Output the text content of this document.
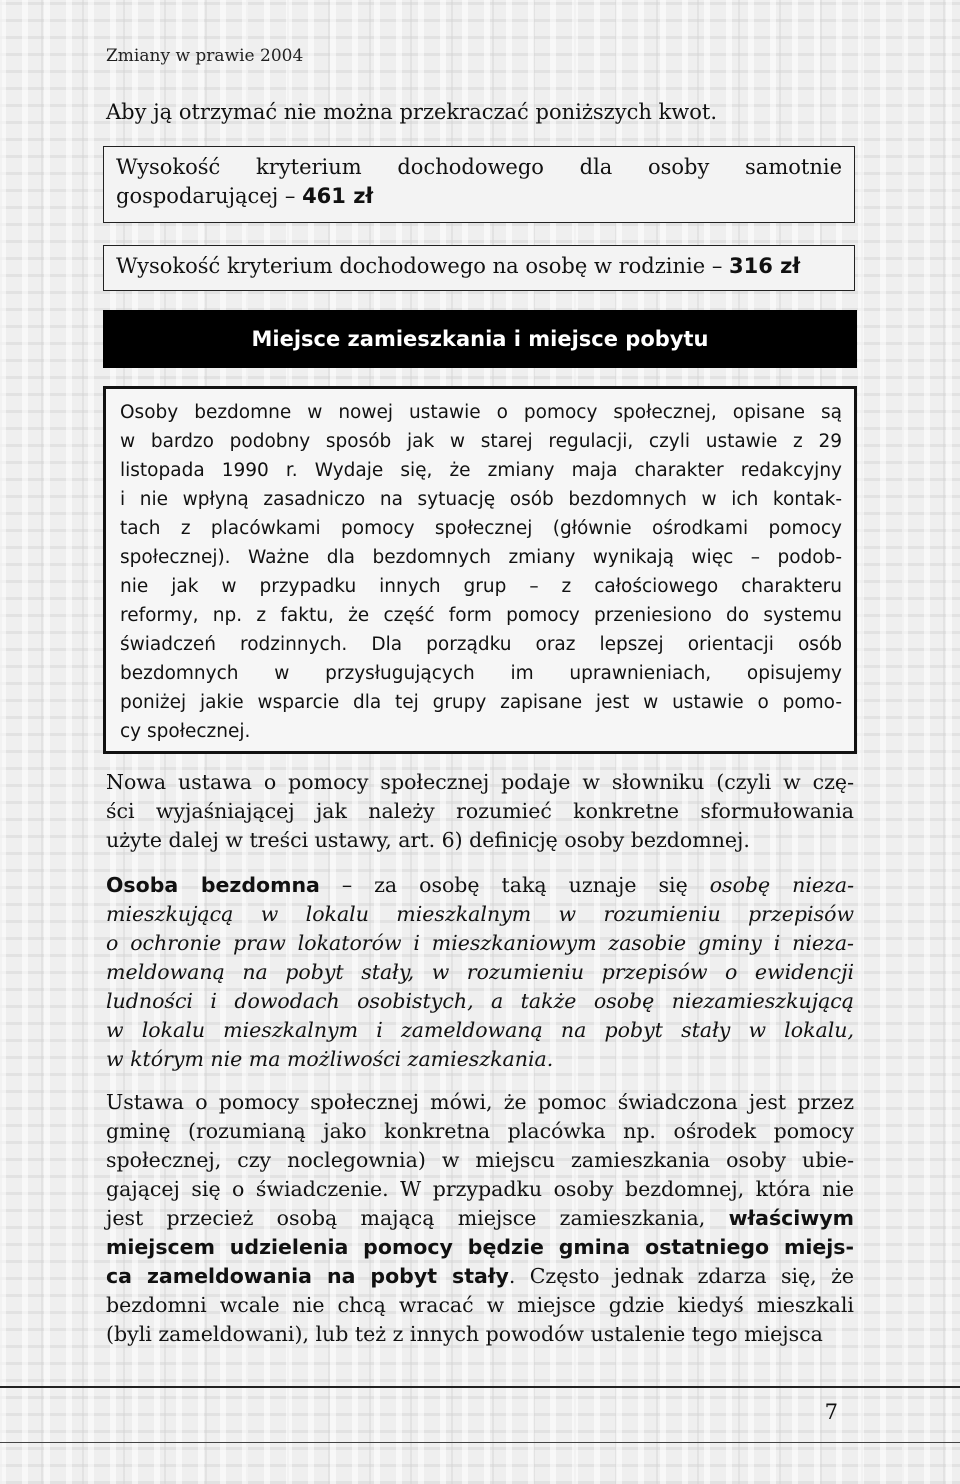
Zmiany w prawie 2004
Aby ją otrzymać nie można przekraczać poniższych kwot.
Wysokość kryterium dochodowego dla osoby samotnie
gospodarującej – 461 zł
Wysokość kryterium dochodowego na osobę w rodzinie – 316 zł
Miejsce zamieszkania i miejsce pobytu
Osoby bezdomne w nowej ustawie o pomocy społecznej, opisane są
w bardzo podobny sposób jak w starej regulacji, czyli ustawie z 29
listopada 1990 r. Wydaje się, że zmiany maja charakter redakcyjny
i nie wpłyną zasadniczo na sytuację osób bezdomnych w ich kontak-
tach z placówkami pomocy społecznej (głównie ośrodkami pomocy
społecznej). Ważne dla bezdomnych zmiany wynikają więc – podob-
nie jak w przypadku innych grup – z całościowego charakteru
reformy, np. z faktu, że część form pomocy przeniesiono do systemu
świadczeń rodzinnych. Dla porządku oraz lepszej orientacji osób
bezdomnych w przysługujących im uprawnieniach, opisujemy
poniżej jakie wsparcie dla tej grupy zapisane jest w ustawie o pomo-
cy społecznej.
Nowa ustawa o pomocy społecznej podaje w słowniku (czyli w czę-
ści wyjaśniającej jak należy rozumieć konkretne sformułowania
użyte dalej w treści ustawy, art. 6) definicję osoby bezdomnej.
Osoba bezdomna – za osobę taką uznaje się osobę nieza-
mieszkującą w lokalu mieszkalnym w rozumieniu przepisów
o ochronie praw lokatorów i mieszkaniowym zasobie gminy i nieza-
meldowaną na pobyt stały, w rozumieniu przepisów o ewidencji
ludności i dowodach osobistych, a także osobę niezamieszkującą
w lokalu mieszkalnym i zameldowaną na pobyt stały w lokalu,
w którym nie ma możliwości zamieszkania.
Ustawa o pomocy społecznej mówi, że pomoc świadczona jest przez
gminę (rozumianą jako konkretna placówka np. ośrodek pomocy
społecznej, czy noclegownia) w miejscu zamieszkania osoby ubie-
gającej się o świadczenie. W przypadku osoby bezdomnej, która nie
jest przecież osobą mającą miejsce zamieszkania, właściwym
miejscem udzielenia pomocy będzie gmina ostatniego miejs-
ca zameldowania na pobyt stały. Często jednak zdarza się, że
bezdomni wcale nie chcą wracać w miejsce gdzie kiedyś mieszkali
(byli zameldowani), lub też z innych powodów ustalenie tego miejsca
7
